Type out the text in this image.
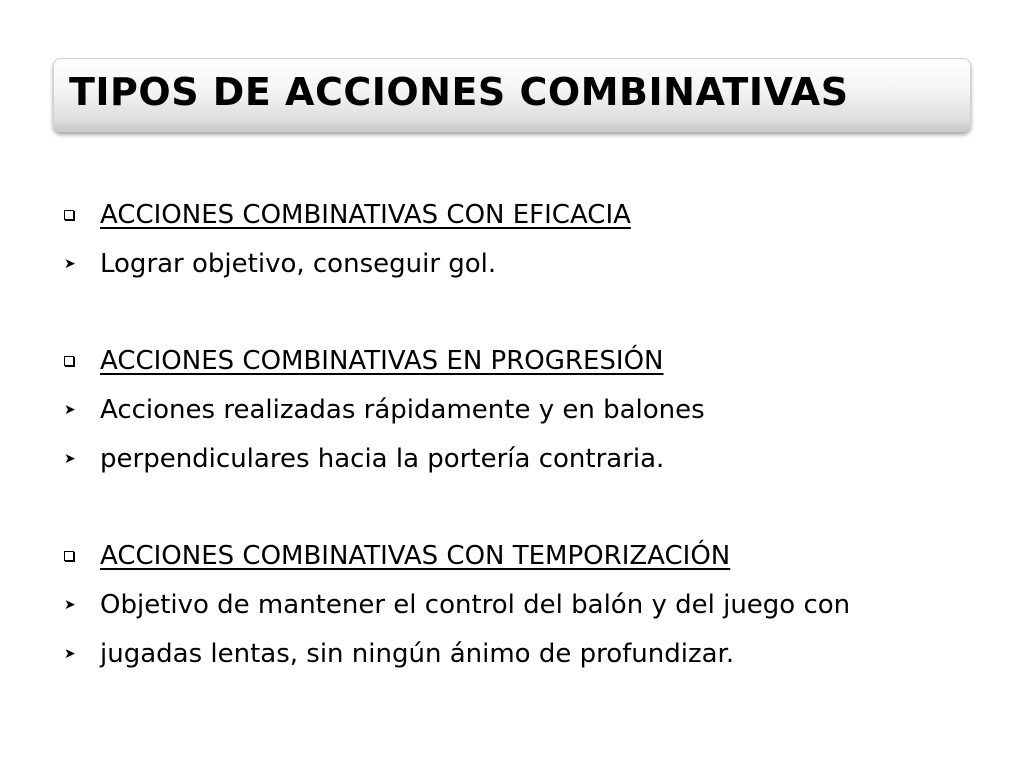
TIPOS DE ACCIONES COMBINATIVAS
ACCIONES COMBINATIVAS CON EFICACIA
➤ Lograr objetivo, conseguir gol.
ACCIONES COMBINATIVAS EN PROGRESIÓN
➤ Acciones realizadas rápidamente y en balones
➤ perpendiculares hacia la portería contraria.
ACCIONES COMBINATIVAS CON TEMPORIZACIÓN
➤ Objetivo de mantener el control del balón y del juego con
➤ jugadas lentas, sin ningún ánimo de profundizar.
